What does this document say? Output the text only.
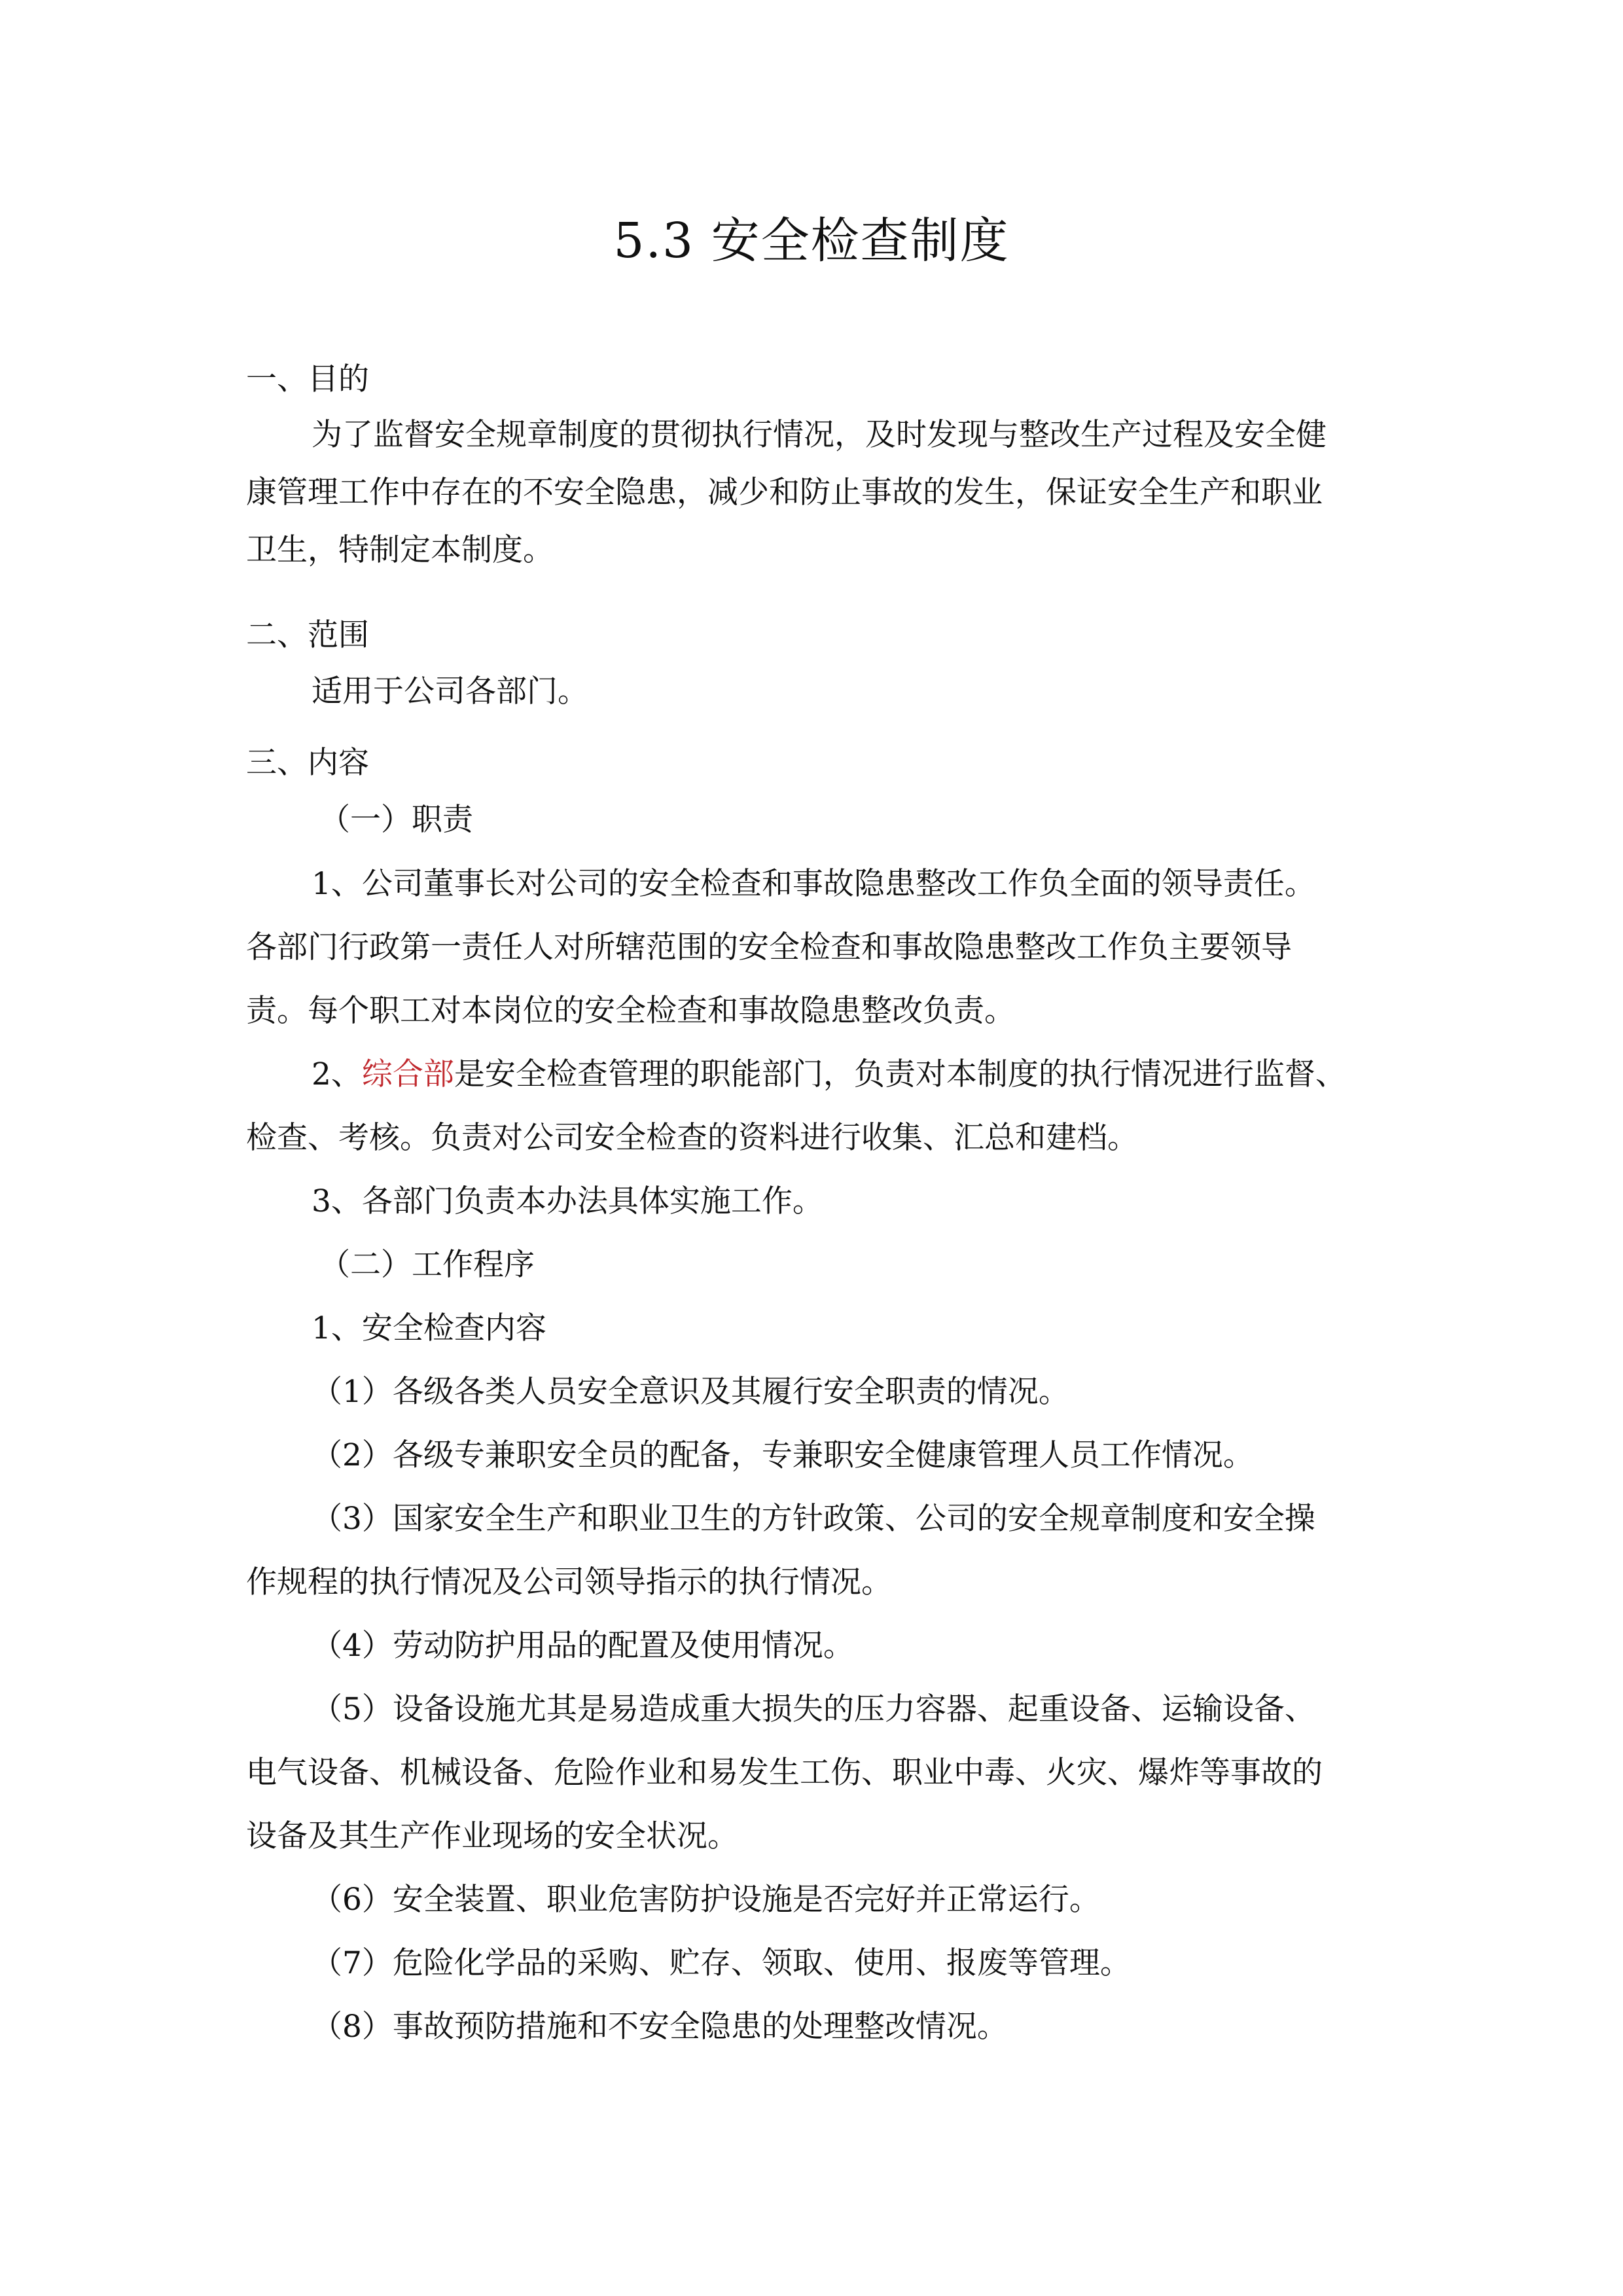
5.3 安全检查制度
一、目的
为了监督安全规章制度的贯彻执行情况，及时发现与整改生产过程及安全健
康管理工作中存在的不安全隐患，减少和防止事故的发生，保证安全生产和职业
卫生，特制定本制度。
二、范围
适用于公司各部门。
三、内容
（一）职责
1、公司董事长对公司的安全检查和事故隐患整改工作负全面的领导责任。
各部门行政第一责任人对所辖范围的安全检查和事故隐患整改工作负主要领导
责。每个职工对本岗位的安全检查和事故隐患整改负责。
2、综合部是安全检查管理的职能部门，负责对本制度的执行情况进行监督、
检查、考核。负责对公司安全检查的资料进行收集、汇总和建档。
3、各部门负责本办法具体实施工作。
（二）工作程序
1、安全检查内容
（1）各级各类人员安全意识及其履行安全职责的情况。
（2）各级专兼职安全员的配备，专兼职安全健康管理人员工作情况。
（3）国家安全生产和职业卫生的方针政策、公司的安全规章制度和安全操
作规程的执行情况及公司领导指示的执行情况。
（4）劳动防护用品的配置及使用情况。
（5）设备设施尤其是易造成重大损失的压力容器、起重设备、运输设备、
电气设备、机械设备、危险作业和易发生工伤、职业中毒、火灾、爆炸等事故的
设备及其生产作业现场的安全状况。
（6）安全装置、职业危害防护设施是否完好并正常运行。
（7）危险化学品的采购、贮存、领取、使用、报废等管理。
（8）事故预防措施和不安全隐患的处理整改情况。
